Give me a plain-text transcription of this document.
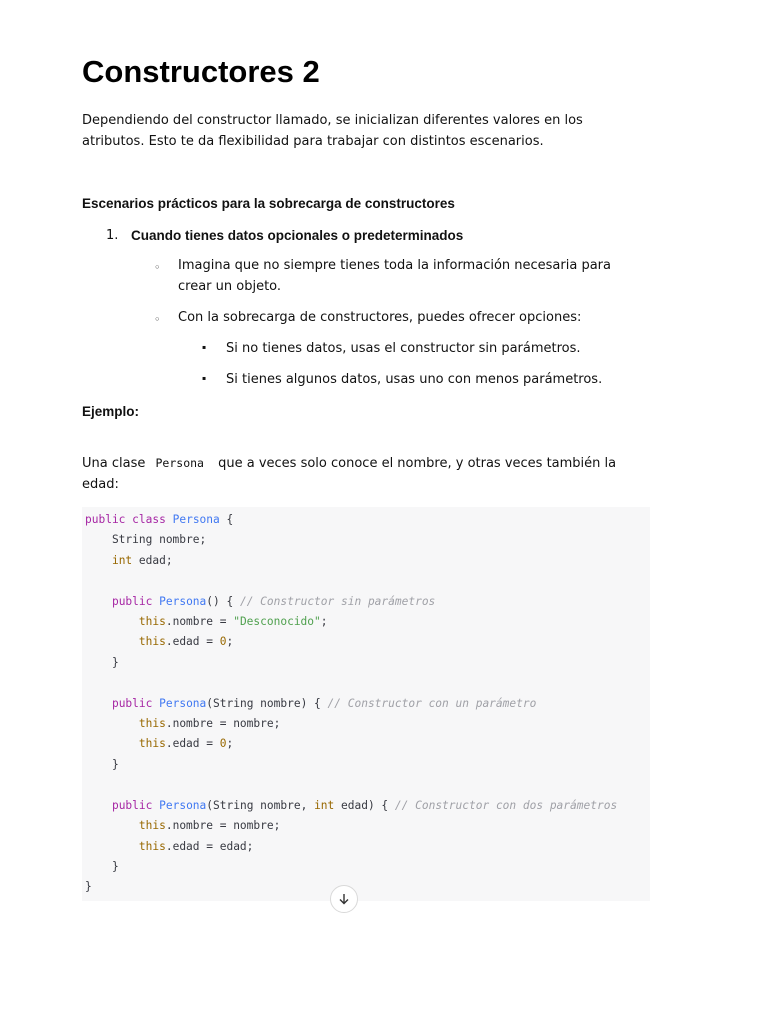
Constructores 2

Dependiendo del constructor llamado, se inicializan diferentes valores en los atributos. Esto te da flexibilidad para trabajar con distintos escenarios.

Escenarios prácticos para la sobrecarga de constructores
1. Cuando tienes datos opcionales o predeterminados
◦ Imagina que no siempre tienes toda la información necesaria para crear un objeto.
◦ Con la sobrecarga de constructores, puedes ofrecer opciones:
▪ Si no tienes datos, usas el constructor sin parámetros.
▪ Si tienes algunos datos, usas uno con menos parámetros.
Ejemplo:

Una clase Persona que a veces solo conoce el nombre, y otras veces también la edad:

public class Persona {
String nombre;
int edad;

public Persona() { // Constructor sin parámetros
this.nombre = "Desconocido";
this.edad = 0;
}

public Persona(String nombre) { // Constructor con un parámetro
this.nombre = nombre;
this.edad = 0;
}

public Persona(String nombre, int edad) { // Constructor con dos parámetros
this.nombre = nombre;
this.edad = edad;
}
}
